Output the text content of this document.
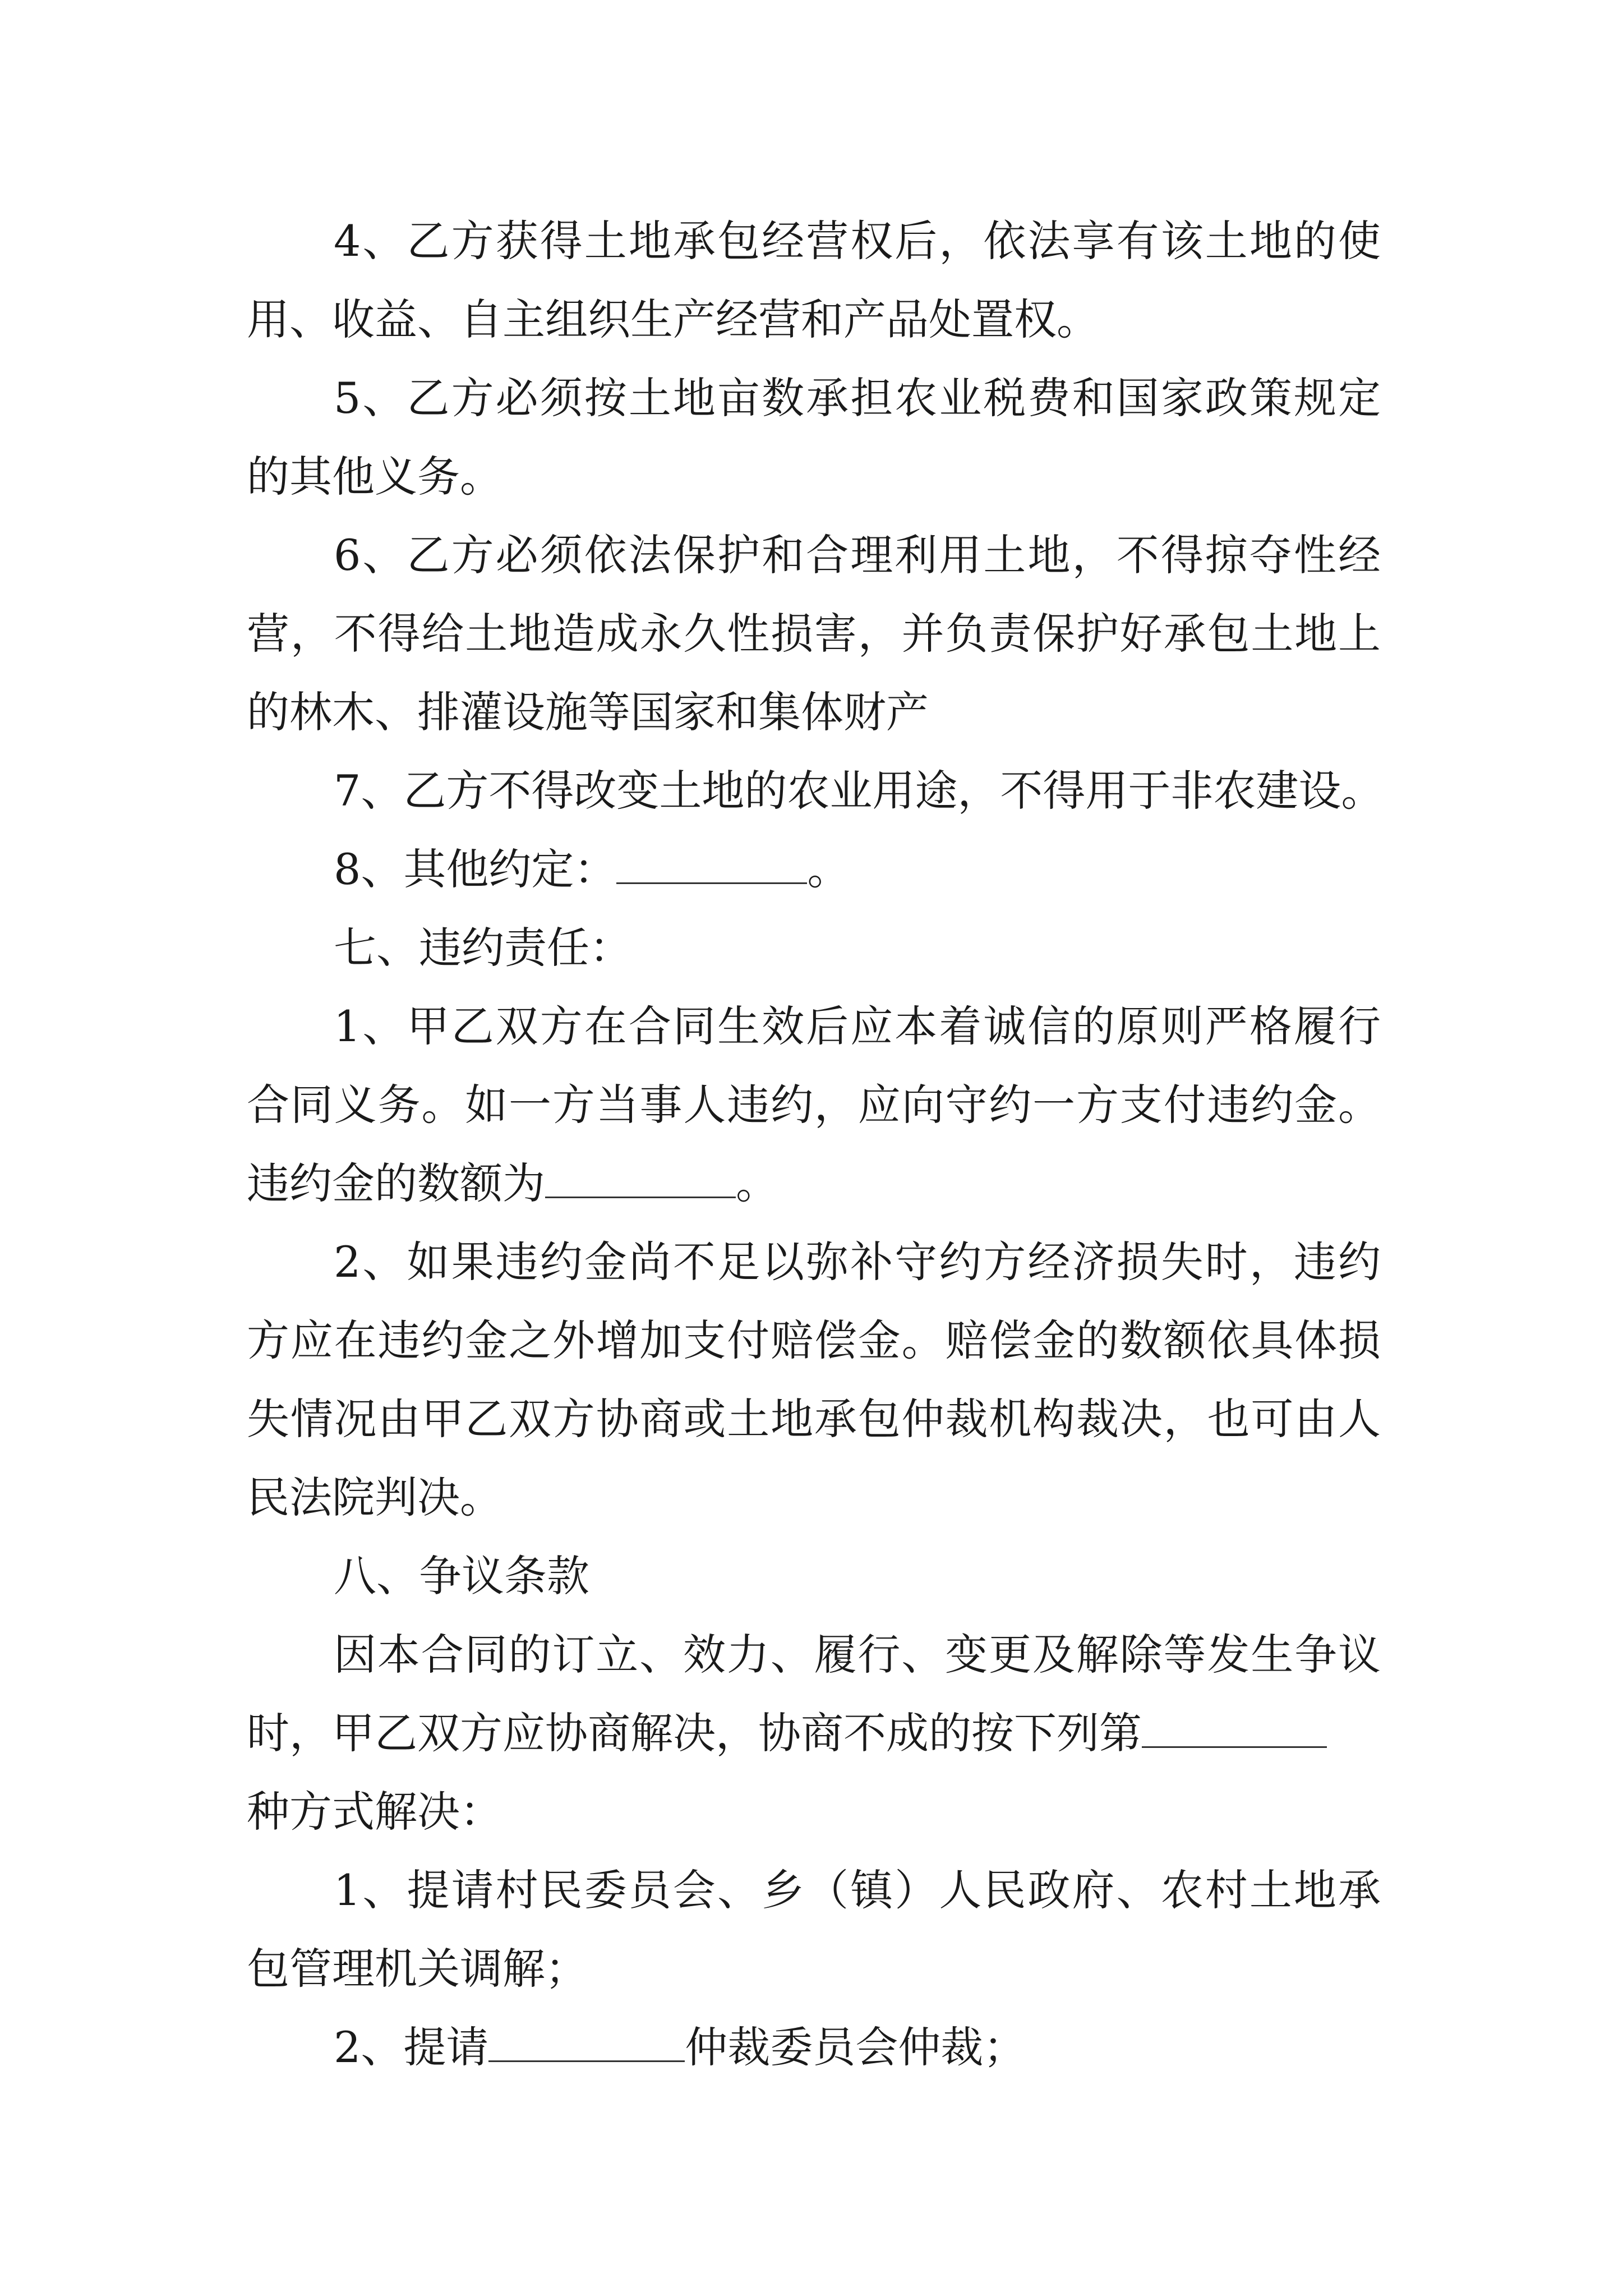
4、乙方获得土地承包经营权后，依法享有该土地的使
用、收益、自主组织生产经营和产品处置权。
5、乙方必须按土地亩数承担农业税费和国家政策规定
的其他义务。
6、乙方必须依法保护和合理利用土地，不得掠夺性经
营，不得给土地造成永久性损害，并负责保护好承包土地上
的林木、排灌设施等国家和集体财产
7、乙方不得改变土地的农业用途，不得用于非农建设。
8、其他约定：	。
七、违约责任：
1、甲乙双方在合同生效后应本着诚信的原则严格履行
合同义务。如一方当事人违约，应向守约一方支付违约金。
违约金的数额为	。
2、如果违约金尚不足以弥补守约方经济损失时，违约
方应在违约金之外增加支付赔偿金。赔偿金的数额依具体损
失情况由甲乙双方协商或土地承包仲裁机构裁决，也可由人
民法院判决。
八、争议条款
因本合同的订立、效力、履行、变更及解除等发生争议
时，甲乙双方应协商解决，协商不成的按下列第
种方式解决：
1、提请村民委员会、乡（镇）人民政府、农村土地承
包管理机关调解；
2、提请	仲裁委员会仲裁；
